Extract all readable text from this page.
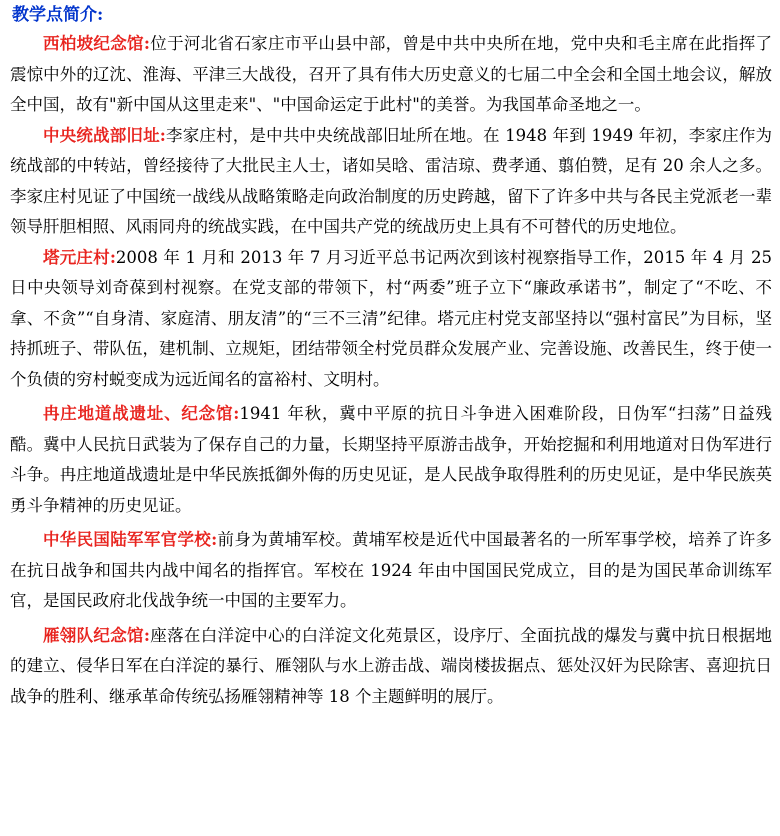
教学点简介:

西柏坡纪念馆:位于河北省石家庄市平山县中部，曾是中共中央所在地，党中央和毛主席在此指挥了震惊中外的辽沈、淮海、平津三大战役，召开了具有伟大历史意义的七届二中全会和全国土地会议，解放全中国，故有"新中国从这里走来"、"中国命运定于此村"的美誉。为我国革命圣地之一。

中央统战部旧址:李家庄村，是中共中央统战部旧址所在地。在 1948 年到 1949 年初，李家庄作为统战部的中转站，曾经接待了大批民主人士，诸如吴晗、雷洁琼、费孝通、翦伯赞，足有 20 余人之多。李家庄村见证了中国统一战线从战略策略走向政治制度的历史跨越，留下了许多中共与各民主党派老一辈领导肝胆相照、风雨同舟的统战实践，在中国共产党的统战历史上具有不可替代的历史地位。

塔元庄村:2008 年 1 月和 2013 年 7 月习近平总书记两次到该村视察指导工作，2015 年 4 月 25 日中央领导刘奇葆到村视察。在党支部的带领下，村“两委”班子立下“廉政承诺书”，制定了“不吃、不拿、不贪”“自身清、家庭清、朋友清”的“三不三清”纪律。塔元庄村党支部坚持以“强村富民”为目标，坚持抓班子、带队伍，建机制、立规矩，团结带领全村党员群众发展产业、完善设施、改善民生，终于使一个负债的穷村蜕变成为远近闻名的富裕村、文明村。

冉庄地道战遗址、纪念馆:1941 年秋，冀中平原的抗日斗争进入困难阶段，日伪军“扫荡”日益残酷。冀中人民抗日武装为了保存自己的力量，长期坚持平原游击战争，开始挖掘和利用地道对日伪军进行斗争。冉庄地道战遗址是中华民族抵御外侮的历史见证，是人民战争取得胜利的历史见证，是中华民族英勇斗争精神的历史见证。

中华民国陆军军官学校:前身为黄埔军校。黄埔军校是近代中国最著名的一所军事学校，培养了许多在抗日战争和国共内战中闻名的指挥官。军校在 1924 年由中国国民党成立，目的是为国民革命训练军官，是国民政府北伐战争统一中国的主要军力。

雁翎队纪念馆:座落在白洋淀中心的白洋淀文化苑景区，设序厅、全面抗战的爆发与冀中抗日根据地的建立、侵华日军在白洋淀的暴行、雁翎队与水上游击战、端岗楼拔据点、惩处汉奸为民除害、喜迎抗日战争的胜利、继承革命传统弘扬雁翎精神等 18 个主题鲜明的展厅。
